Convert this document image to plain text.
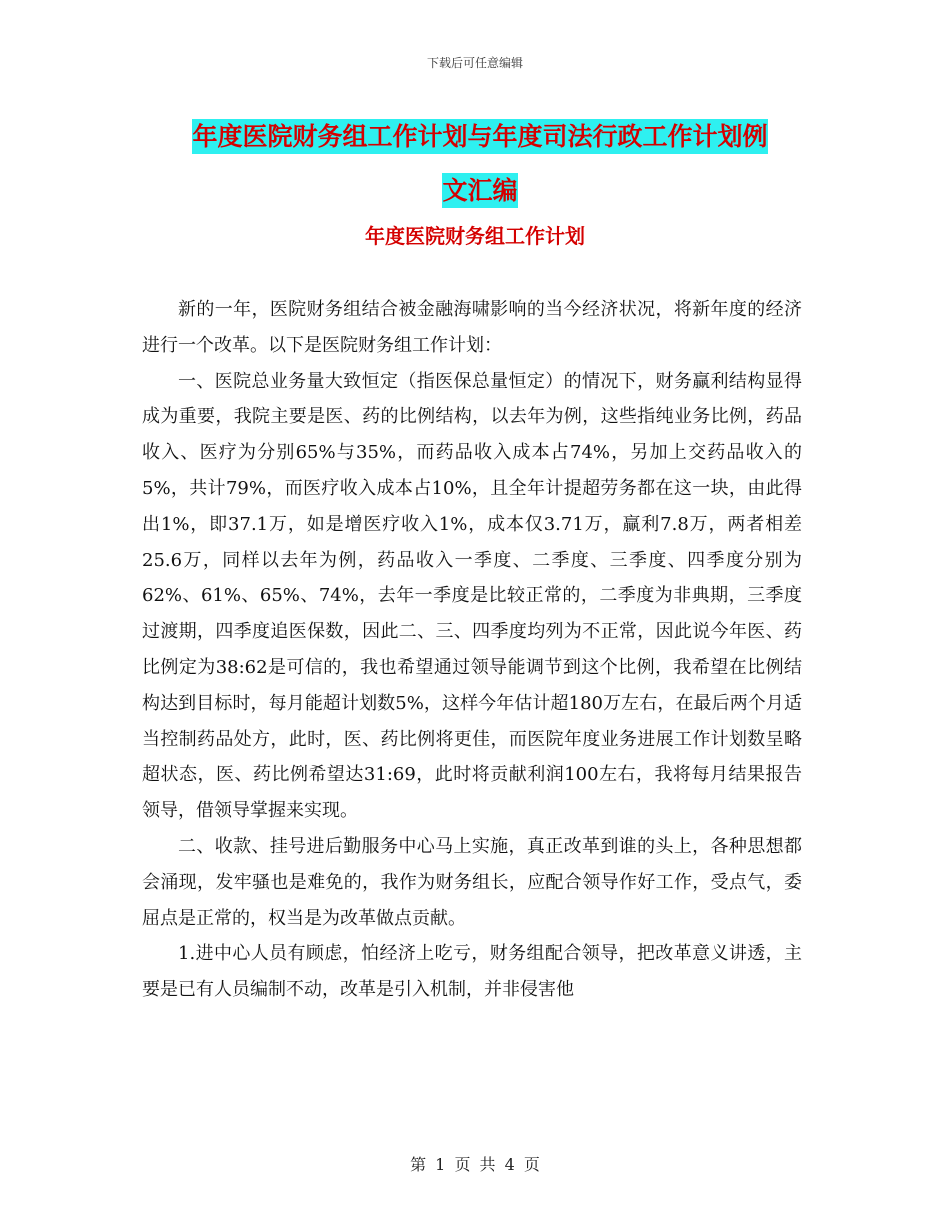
下载后可任意编辑
年度医院财务组工作计划与年度司法行政工作计划例
文汇编
年度医院财务组工作计划

新的一年，医院财务组结合被金融海啸影响的当今经济状况，将新年度的经济进行一个改革。以下是医院财务组工作计划：

一、医院总业务量大致恒定（指医保总量恒定）的情况下，财务赢利结构显得成为重要，我院主要是医、药的比例结构，以去年为例，这些指纯业务比例，药品收入、医疗为分别65%与35%，而药品收入成本占74%，另加上交药品收入的5%，共计79%，而医疗收入成本占10%，且全年计提超劳务都在这一块，由此得出1%，即37.1万，如是增医疗收入1%，成本仅3.71万，赢利7.8万，两者相差25.6万，同样以去年为例，药品收入一季度、二季度、三季度、四季度分别为62%、61%、65%、74%，去年一季度是比较正常的，二季度为非典期，三季度过渡期，四季度追医保数，因此二、三、四季度均列为不正常，因此说今年医、药比例定为38:62是可信的，我也希望通过领导能调节到这个比例，我希望在比例结构达到目标时，每月能超计划数5%，这样今年估计超180万左右，在最后两个月适当控制药品处方，此时，医、药比例将更佳，而医院年度业务进展工作计划数呈略超状态，医、药比例希望达31:69，此时将贡献利润100左右，我将每月结果报告领导，借领导掌握来实现。

二、收款、挂号进后勤服务中心马上实施，真正改革到谁的头上，各种思想都会涌现，发牢骚也是难免的，我作为财务组长，应配合领导作好工作，受点气，委屈点是正常的，权当是为改革做点贡献。

1.进中心人员有顾虑，怕经济上吃亏，财务组配合领导，把改革意义讲透，主要是已有人员编制不动，改革是引入机制，并非侵害他

第 1 页 共 4 页
